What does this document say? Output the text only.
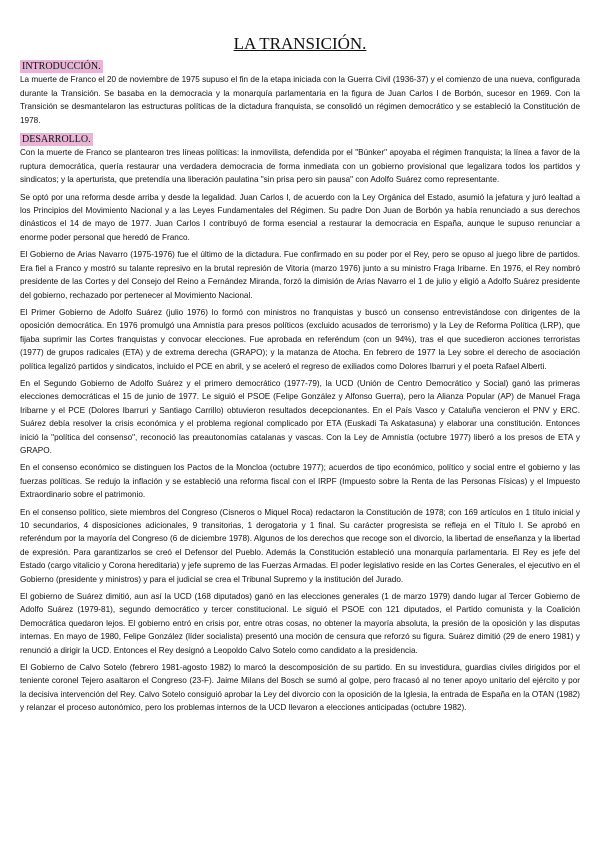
LA TRANSICIÓN.
INTRODUCCIÓN.

La muerte de Franco el 20 de noviembre de 1975 supuso el fin de la etapa iniciada con la Guerra Civil (1936-37) y el comienzo de una nueva, configurada durante la Transición. Se basaba en la democracia y la monarquía parlamentaria en la figura de Juan Carlos I de Borbón, sucesor en 1969. Con la Transición se desmantelaron las estructuras políticas de la dictadura franquista, se consolidó un régimen democrático y se estableció la Constitución de 1978.

DESARROLLO.

Con la muerte de Franco se plantearon tres líneas políticas: la inmovilista, defendida por el "Búnker" apoyaba el régimen franquista; la línea a favor de la ruptura democrática, quería restaurar una verdadera democracia de forma inmediata con un gobierno provisional que legalizara todos los partidos y sindicatos; y la aperturista, que pretendía una liberación paulatina "sin prisa pero sin pausa" con Adolfo Suárez como representante.

Se optó por una reforma desde arriba y desde la legalidad. Juan Carlos I, de acuerdo con la Ley Orgánica del Estado, asumió la jefatura y juró lealtad a los Principios del Movimiento Nacional y a las Leyes Fundamentales del Régimen. Su padre Don Juan de Borbón ya había renunciado a sus derechos dinásticos el 14 de mayo de 1977. Juan Carlos I contribuyó de forma esencial a restaurar la democracia en España, aunque le supuso renunciar a enorme poder personal que heredó de Franco.

El Gobierno de Arias Navarro (1975-1976) fue el último de la dictadura. Fue confirmado en su poder por el Rey, pero se opuso al juego libre de partidos. Era fiel a Franco y mostró su talante represivo en la brutal represión de Vitoria (marzo 1976) junto a su ministro Fraga Iribarne. En 1976, el Rey nombró presidente de las Cortes y del Consejo del Reino a Fernández Miranda, forzó la dimisión de Arias Navarro el 1 de julio y eligió a Adolfo Suárez presidente del gobierno, rechazado por pertenecer al Movimiento Nacional.

El Primer Gobierno de Adolfo Suárez (julio 1976) lo formó con ministros no franquistas y buscó un consenso entrevistándose con dirigentes de la oposición democrática. En 1976 promulgó una Amnistía para presos políticos (excluido acusados de terrorismo) y la Ley de Reforma Política (LRP), que fijaba suprimir las Cortes franquistas y convocar elecciones. Fue aprobada en referéndum (con un 94%), tras el que sucedieron acciones terroristas (1977) de grupos radicales (ETA) y de extrema derecha (GRAPO); y la matanza de Atocha. En febrero de 1977 la Ley sobre el derecho de asociación política legalizó partidos y sindicatos, incluido el PCE en abril, y se aceleró el regreso de exiliados como Dolores Ibarruri y el poeta Rafael Alberti.

En el Segundo Gobierno de Adolfo Suárez y el primero democrático (1977-79), la UCD (Unión de Centro Democrático y Social) ganó las primeras elecciones democráticas el 15 de junio de 1977. Le siguió el PSOE (Felipe González y Alfonso Guerra), pero la Alianza Popular (AP) de Manuel Fraga Iribarne y el PCE (Dolores Ibarruri y Santiago Carrillo) obtuvieron resultados decepcionantes. En el País Vasco y Cataluña vencieron el PNV y ERC. Suárez debía resolver la crisis económica y el problema regional complicado por ETA (Euskadi Ta Askatasuna) y elaborar una constitución. Entonces inició la "política del consenso", reconoció las preautonomías catalanas y vascas. Con la Ley de Amnistía (octubre 1977) liberó a los presos de ETA y GRAPO.

En el consenso económico se distinguen los Pactos de la Moncloa (octubre 1977); acuerdos de tipo económico, político y social entre el gobierno y las fuerzas políticas. Se redujo la inflación y se estableció una reforma fiscal con el IRPF (Impuesto sobre la Renta de las Personas Físicas) y el Impuesto Extraordinario sobre el patrimonio.

En el consenso político, siete miembros del Congreso (Cisneros o Miquel Roca) redactaron la Constitución de 1978; con 169 artículos en 1 título inicial y 10 secundarios, 4 disposiciones adicionales, 9 transitorias, 1 derogatoria y 1 final. Su carácter progresista se refleja en el Título I. Se aprobó en referéndum por la mayoría del Congreso (6 de diciembre 1978). Algunos de los derechos que recoge son el divorcio, la libertad de enseñanza y la libertad de expresión. Para garantizarlos se creó el Defensor del Pueblo. Además la Constitución estableció una monarquía parlamentaria. El Rey es jefe del Estado (cargo vitalicio y Corona hereditaria) y jefe supremo de las Fuerzas Armadas. El poder legislativo reside en las Cortes Generales, el ejecutivo en el Gobierno (presidente y ministros) y para el judicial se crea el Tribunal Supremo y la institución del Jurado.

El gobierno de Suárez dimitió, aun así la UCD (168 diputados) ganó en las elecciones generales (1 de marzo 1979) dando lugar al Tercer Gobierno de Adolfo Suárez (1979-81), segundo democrático y tercer constitucional. Le siguió el PSOE con 121 diputados, el Partido comunista y la Coalición Democrática quedaron lejos. El gobierno entró en crisis por, entre otras cosas, no obtener la mayoría absoluta, la presión de la oposición y las disputas internas. En mayo de 1980, Felipe González (líder socialista) presentó una moción de censura que reforzó su figura. Suárez dimitió (29 de enero 1981) y renunció a dirigir la UCD. Entonces el Rey designó a Leopoldo Calvo Sotelo como candidato a la presidencia.

El Gobierno de Calvo Sotelo (febrero 1981-agosto 1982) lo marcó la descomposición de su partido. En su investidura, guardias civiles dirigidos por el teniente coronel Tejero asaltaron el Congreso (23-F). Jaime Milans del Bosch se sumó al golpe, pero fracasó al no tener apoyo unitario del ejército y por la decisiva intervención del Rey. Calvo Sotelo consiguió aprobar la Ley del divorcio con la oposición de la Iglesia, la entrada de España en la OTAN (1982) y relanzar el proceso autonómico, pero los problemas internos de la UCD llevaron a elecciones anticipadas (octubre 1982).
